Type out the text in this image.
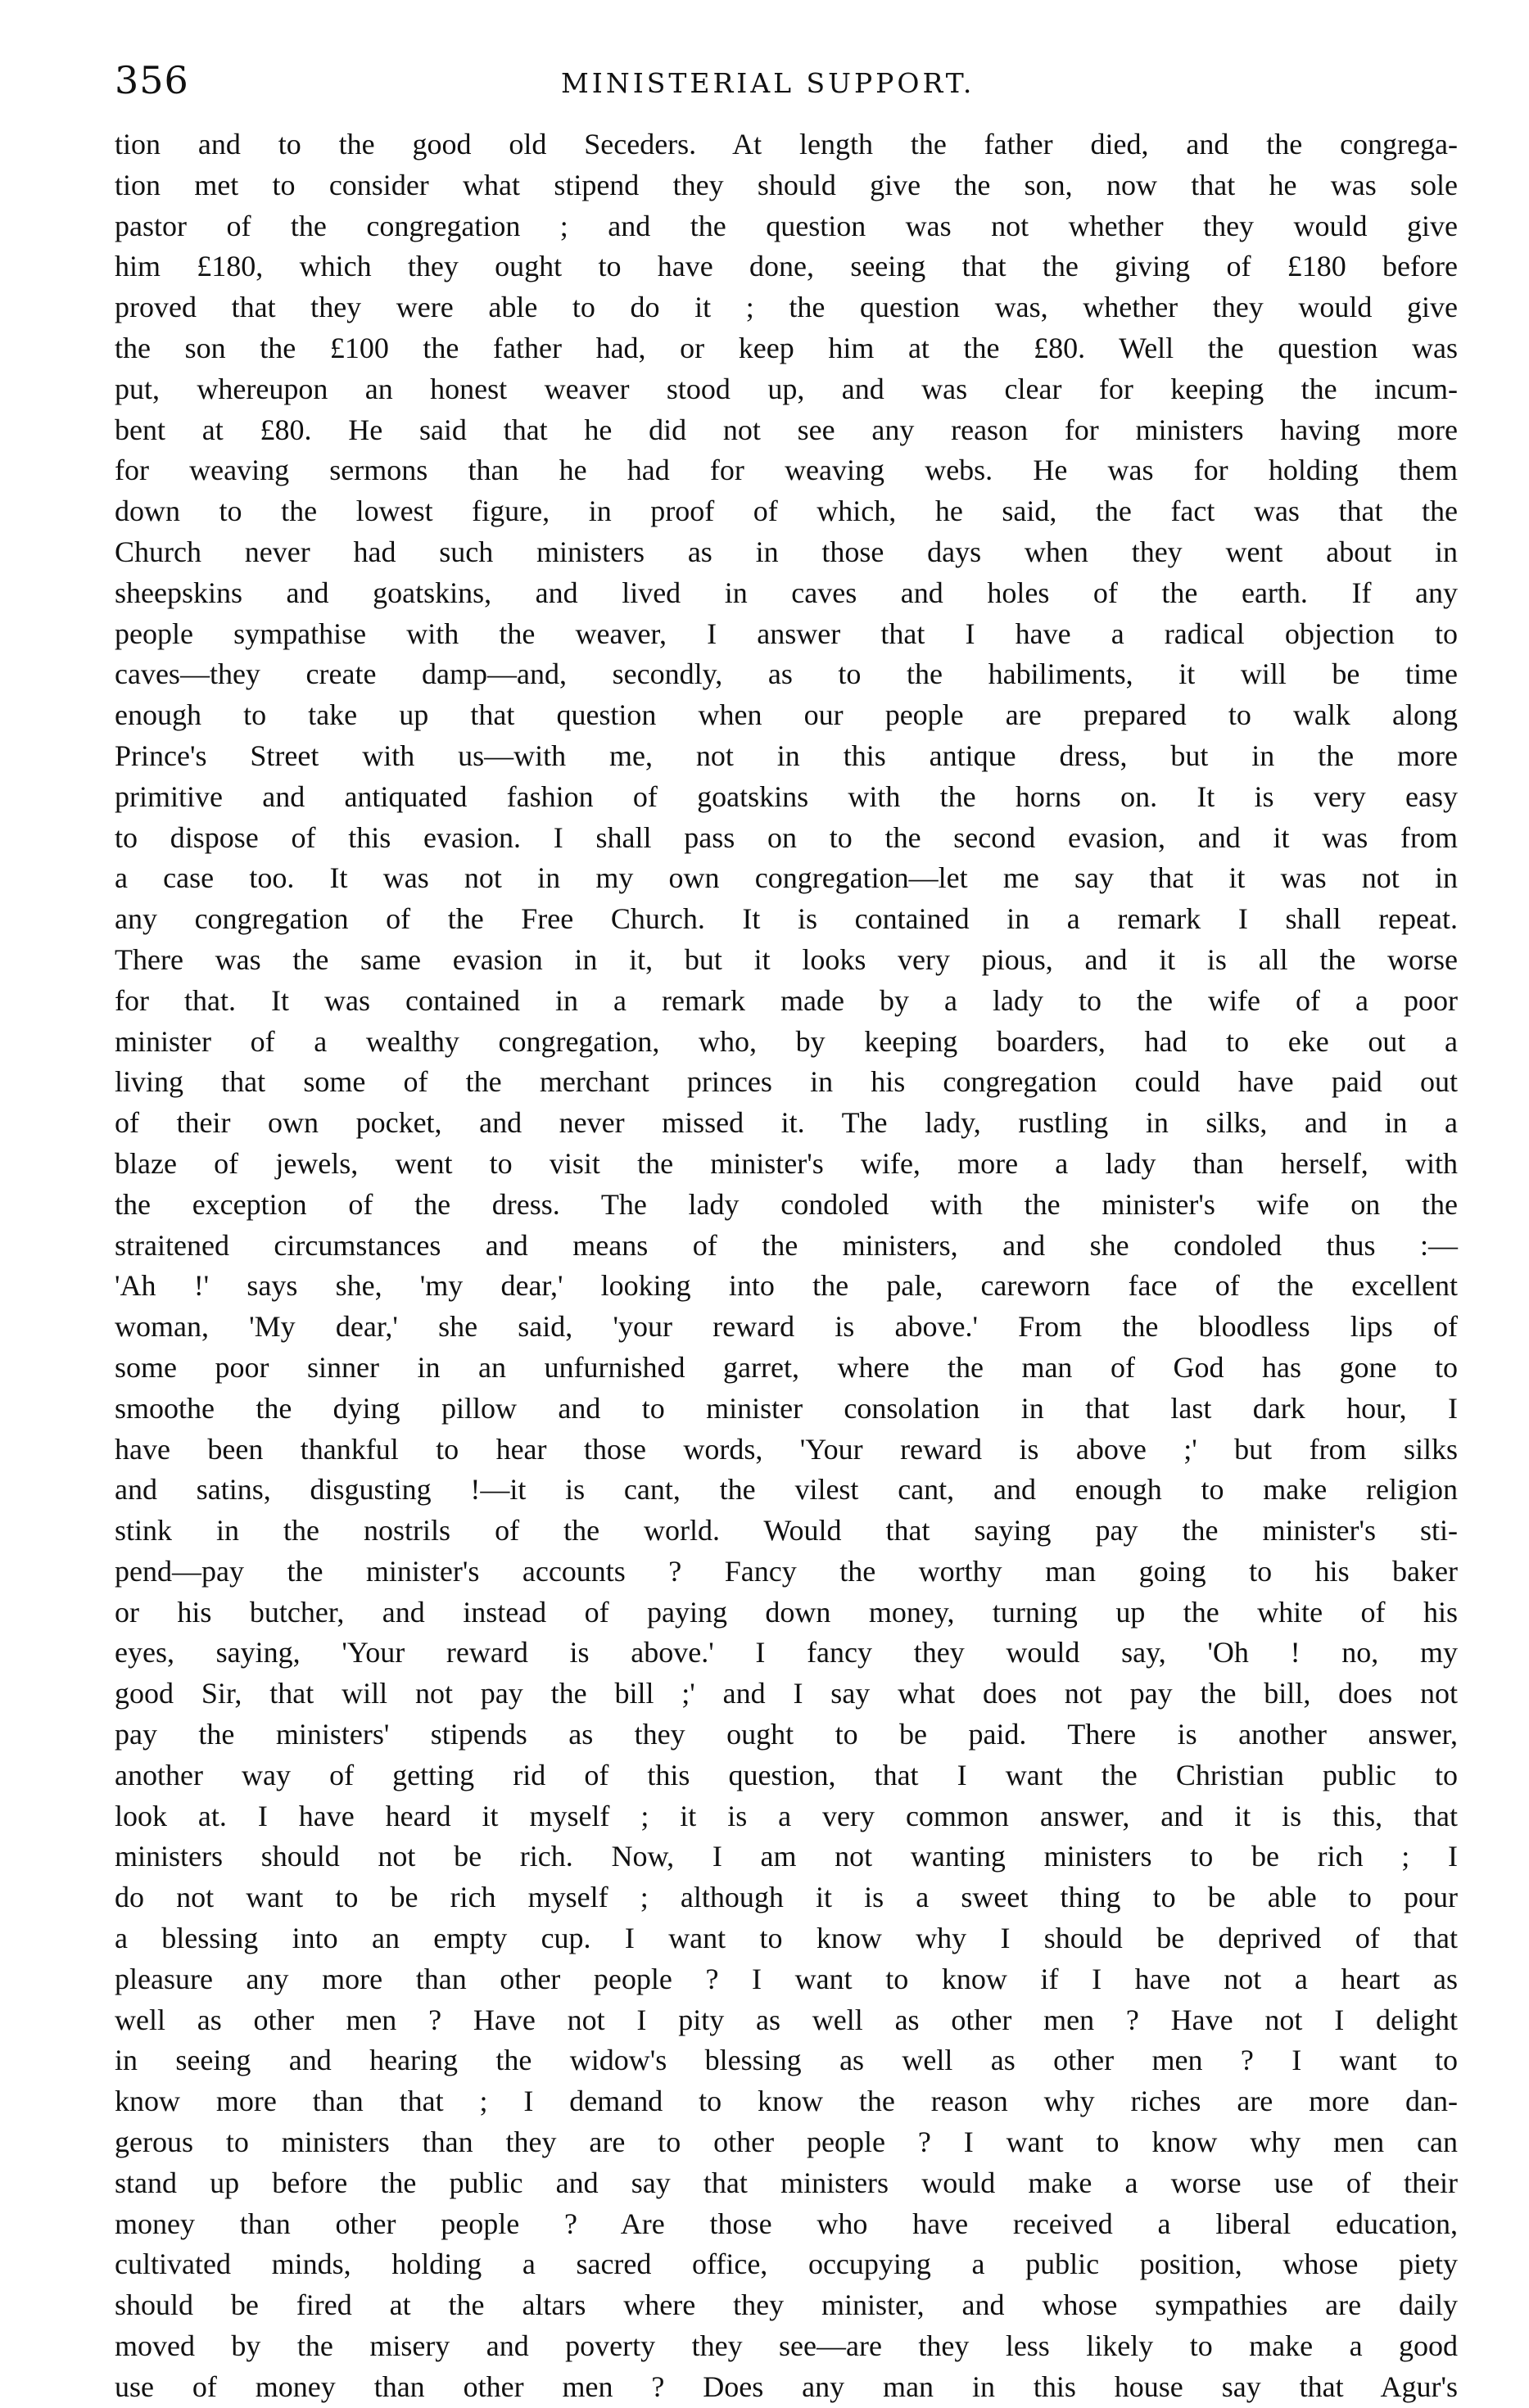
356	MINISTERIAL SUPPORT.
tion and to the good old Seceders. At length the father died, and the congrega-
tion met to consider what stipend they should give the son, now that he was sole
pastor of the congregation ; and the question was not whether they would give
him £180, which they ought to have done, seeing that the giving of £180 before
proved that they were able to do it ; the question was, whether they would give
the son the £100 the father had, or keep him at the £80. Well the question was
put, whereupon an honest weaver stood up, and was clear for keeping the incum-
bent at £80. He said that he did not see any reason for ministers having more
for weaving sermons than he had for weaving webs. He was for holding them
down to the lowest figure, in proof of which, he said, the fact was that the
Church never had such ministers as in those days when they went about in
sheepskins and goatskins, and lived in caves and holes of the earth. If any
people sympathise with the weaver, I answer that I have a radical objection to
caves—they create damp—and, secondly, as to the habiliments, it will be time
enough to take up that question when our people are prepared to walk along
Prince's Street with us—with me, not in this antique dress, but in the more
primitive and antiquated fashion of goatskins with the horns on. It is very easy
to dispose of this evasion. I shall pass on to the second evasion, and it was from
a case too. It was not in my own congregation—let me say that it was not in
any congregation of the Free Church. It is contained in a remark I shall repeat.
There was the same evasion in it, but it looks very pious, and it is all the worse
for that. It was contained in a remark made by a lady to the wife of a poor
minister of a wealthy congregation, who, by keeping boarders, had to eke out a
living that some of the merchant princes in his congregation could have paid out
of their own pocket, and never missed it. The lady, rustling in silks, and in a
blaze of jewels, went to visit the minister's wife, more a lady than herself, with
the exception of the dress. The lady condoled with the minister's wife on the
straitened circumstances and means of the ministers, and she condoled thus :—
'Ah !' says she, 'my dear,' looking into the pale, careworn face of the excellent
woman, 'My dear,' she said, 'your reward is above.' From the bloodless lips of
some poor sinner in an unfurnished garret, where the man of God has gone to
smoothe the dying pillow and to minister consolation in that last dark hour, I
have been thankful to hear those words, 'Your reward is above ;' but from silks
and satins, disgusting !—it is cant, the vilest cant, and enough to make religion
stink in the nostrils of the world. Would that saying pay the minister's sti-
pend—pay the minister's accounts ? Fancy the worthy man going to his baker
or his butcher, and instead of paying down money, turning up the white of his
eyes, saying, 'Your reward is above.' I fancy they would say, 'Oh ! no, my
good Sir, that will not pay the bill ;' and I say what does not pay the bill, does not
pay the ministers' stipends as they ought to be paid. There is another answer,
another way of getting rid of this question, that I want the Christian public to
look at. I have heard it myself ; it is a very common answer, and it is this, that
ministers should not be rich. Now, I am not wanting ministers to be rich ; I
do not want to be rich myself ; although it is a sweet thing to be able to pour
a blessing into an empty cup. I want to know why I should be deprived of that
pleasure any more than other people ? I want to know if I have not a heart as
well as other men ? Have not I pity as well as other men ? Have not I delight
in seeing and hearing the widow's blessing as well as other men ? I want to
know more than that ; I demand to know the reason why riches are more dan-
gerous to ministers than they are to other people ? I want to know why men can
stand up before the public and say that ministers would make a worse use of their
money than other people ? Are those who have received a liberal education,
cultivated minds, holding a sacred office, occupying a public position, whose piety
should be fired at the altars where they minister, and whose sympathies are daily
moved by the misery and poverty they see—are they less likely to make a good
use of money than other men ? Does any man in this house say that Agur's
